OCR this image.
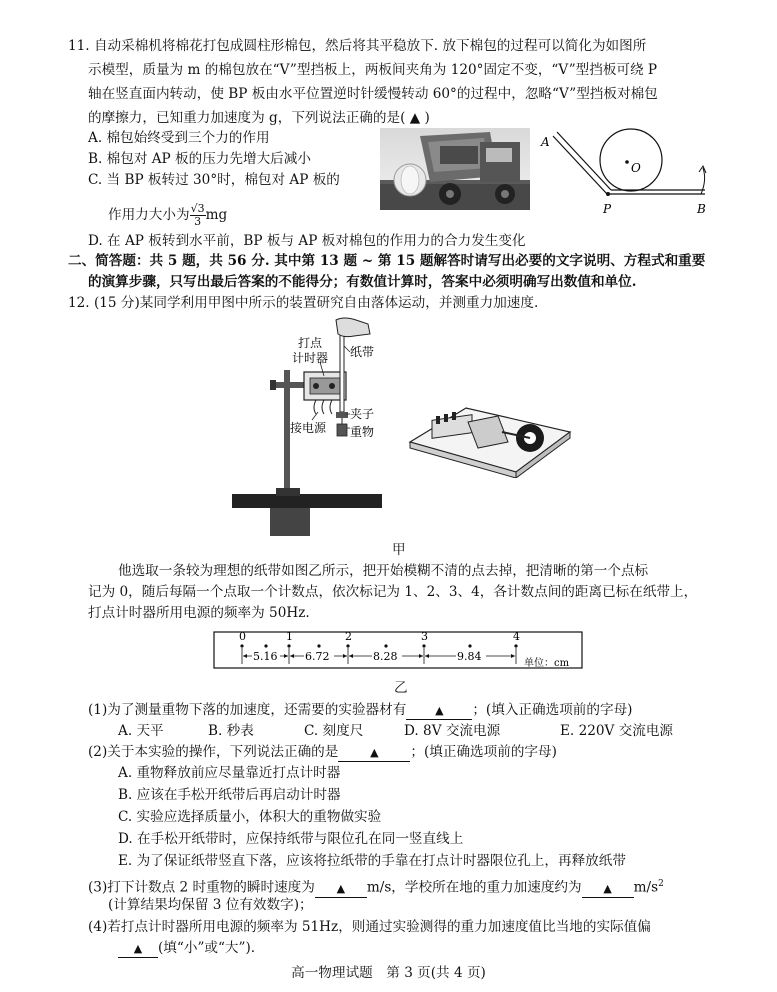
11. 自动采棉机将棉花打包成圆柱形棉包，然后将其平稳放下. 放下棉包的过程可以简化为如图所
示模型，质量为 m 的棉包放在“V”型挡板上，两板间夹角为 120°固定不变，“V”型挡板可绕 P
轴在竖直面内转动，使 BP 板由水平位置逆时针缓慢转动 60°的过程中，忽略“V”型挡板对棉包
的摩擦力，已知重力加速度为 g，下列说法正确的是( ▲ )
A. 棉包始终受到三个力的作用
B. 棉包对 AP 板的压力先增大后减小
C. 当 BP 板转过 30°时，棉包对 AP 板的
作用力大小为 $\frac{√3}{3}$ mg
D. 在 AP 板转到水平前，BP 板与 AP 板对棉包的作用力的合力发生变化
A
O
P	B
二、简答题：共 5 题，共 56 分. 其中第 13 题 ~ 第 15 题解答时请写出必要的文字说明、方程式和重要
的演算步骤，只写出最后答案的不能得分；有数值计算时，答案中必须明确写出数值和单位.
12. (15 分)某同学利用甲图中所示的装置研究自由落体运动，并测重力加速度.
打点
计时器 纸带
夹子
接电源 重物
甲
他选取一条较为理想的纸带如图乙所示，把开始模糊不清的点去掉，把清晰的第一个点标
记为 0，随后每隔一个点取一个计数点，依次标记为 1、2、3、4，各计数点间的距离已标在纸带上，
打点计时器所用电源的频率为 50Hz.
0	1	2	3	4
5.16	6.72	8.28	9.84
单位：cm
乙
(1)为了测量重物下落的加速度，还需要的实验器材有	▲ ；(填入正确选项前的字母)
A. 天平	B. 秒表	C. 刻度尺	D. 8V 交流电源	E. 220V 交流电源
(2)关于本实验的操作，下列说法正确的是	▲ ；(填正确选项前的字母)
A. 重物释放前应尽量靠近打点计时器
B. 应该在手松开纸带后再启动计时器
C. 实验应选择质量小，体积大的重物做实验
D. 在手松开纸带时，应保持纸带与限位孔在同一竖直线上
E. 为了保证纸带竖直下落，应该将拉纸带的手靠在打点计时器限位孔上，再释放纸带
(3)打下计数点 2 时重物的瞬时速度为 ▲ m/s，学校所在地的重力加速度约为 ▲ $m/s^2$
(计算结果均保留 3 位有效数字)；
(4)若打点计时器所用电源的频率为 51Hz，则通过实验测得的重力加速度值比当地的实际值偏
▲ (填“小”或“大”).
高一物理试题　第 3 页(共 4 页)
